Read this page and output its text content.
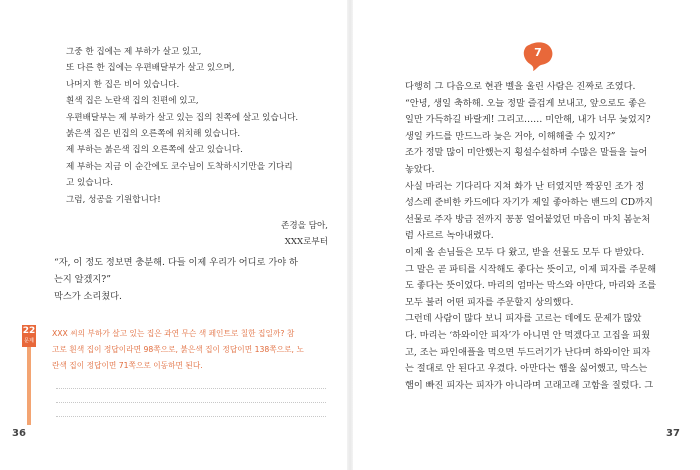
그중 한 집에는 제 부하가 살고 있고,
또 다른 한 집에는 우편배달부가 살고 있으며,
나머지 한 집은 비어 있습니다.
흰색 집은 노란색 집의 친편에 있고,
우편배달부는 제 부하가 살고 있는 집의 친쪽에 살고 있습니다.
붉은색 집은 빈집의 오른쪽에 위치해 있습니다.
제 부하는 붉은색 집의 오른쪽에 살고 있습니다.
제 부하는 지금 이 순간에도 코수님이 도착하시기만을 기다리
고 있습니다.
그럼, 성공을 기원합니다!
존경을 담아,
XXX로부터
“자, 이 정도 정보면 충분해. 다들 이제 우리가 어디로 가야 하
는지 알겠지?”
막스가 소리쳤다.
22
문제
XXX 씨의 부하가 살고 있는 집은 과연 무슨 색 페인트로 칠한 집일까? 참
고로 흰색 집이 정답이라면 98쪽으로, 붉은색 집이 정답이면 138쪽으로, 노
란색 집이 정답이면 71쪽으로 이동하면 된다.
36
7
다행히 그 다음으로 현관 벨을 울린 사람은 진짜로 조였다.
“안녕, 생일 축하해. 오늘 정말 즐겁게 보내고, 앞으로도 좋은
일만 가득하길 바랄게! 그리고…… 미안해, 내가 너무 늦었지?
생일 카드를 만드느라 늦은 거야, 이해해줄 수 있지?”
조가 정말 많이 미안했는지 횡설수설하며 수많은 말들을 늘어
놓았다.
사실 마리는 기다리다 지쳐 화가 난 터였지만 짝꿍인 조가 정
성스레 준비한 카드에다 자기가 제일 좋아하는 밴드의 CD까지
선물로 주자 방금 전까지 꽁꽁 얼어붙었던 마음이 마치 봄눈처
럼 사르르 녹아내렸다.
이제 올 손님들은 모두 다 왔고, 받을 선물도 모두 다 받았다.
그 말은 곧 파티를 시작해도 좋다는 뜻이고, 이제 피자를 주문해
도 좋다는 뜻이었다. 마리의 엄마는 막스와 아만다, 마리와 조를
모두 불러 어떤 피자를 주문할지 상의했다.
그런데 사람이 많다 보니 피자를 고르는 데에도 문제가 많았
다. 마리는 ‘하와이안 피자’가 아니면 안 먹겠다고 고집을 피웠
고, 조는 파인애플을 먹으면 두드러기가 난다며 하와이안 피자
는 절대로 안 된다고 우겼다. 아만다는 햄을 싫어했고, 막스는
햄이 빠진 피자는 피자가 아니라며 고래고래 고함을 질렀다. 그
37
